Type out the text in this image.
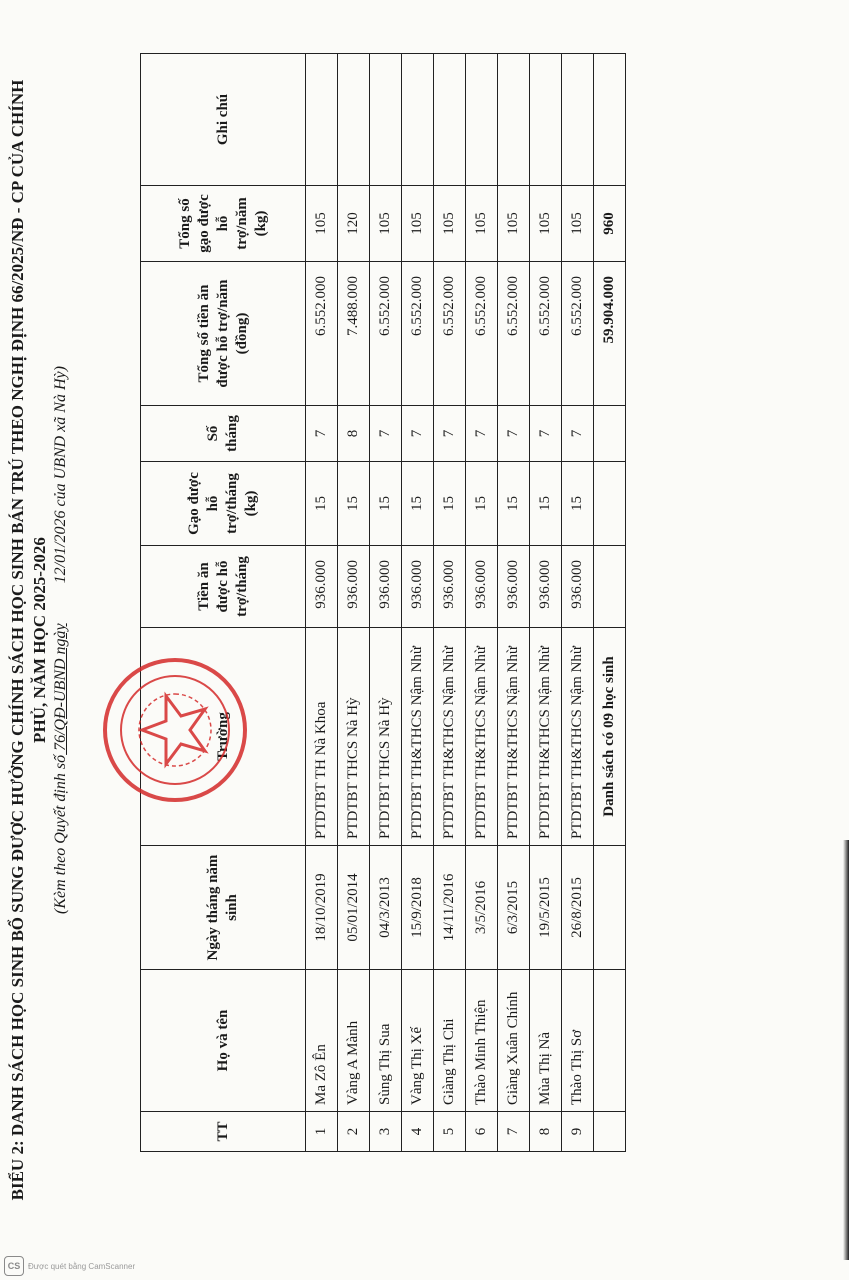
BIỂU 2: DANH SÁCH HỌC SINH BỔ SUNG ĐƯỢC HƯỞNG CHÍNH SÁCH HỌC SINH BÁN TRÚ THEO NGHỊ ĐỊNH 66/2025/NĐ - CP CỦA CHÍNH PHỦ, NĂM HỌC 2025-2026
(Kèm theo Quyết định số 76/QĐ-UBND ngày12/01/2026 của UBND xã Nà Hỳ)
TT	Họ và tên	Ngày tháng năm sinh	Trường	Tiền ăn được hỗ trợ/tháng	Gạo được hỗ trợ/tháng (kg)	Số tháng	Tổng số tiền ăn được hỗ trợ/năm (đồng)	Tổng số gạo được hỗ trợ/năm (kg)	Ghi chú
1	Ma Zô Ên	18/10/2019	PTDTBT TH Nà Khoa	936.000	15	7	6.552.000	105	
2	Vàng A Mành	05/01/2014	PTDTBT THCS Nà Hỳ	936.000	15	8	7.488.000	120	
3	Sùng Thị Sua	04/3/2013	PTDTBT THCS Nà Hỳ	936.000	15	7	6.552.000	105	
4	Vàng Thị Xế	15/9/2018	PTDTBT TH&THCS Nậm Nhừ	936.000	15	7	6.552.000	105	
5	Giàng Thị Chi	14/11/2016	PTDTBT TH&THCS Nậm Nhừ	936.000	15	7	6.552.000	105	
6	Thào Minh Thiện	3/5/2016	PTDTBT TH&THCS Nậm Nhừ	936.000	15	7	6.552.000	105	
7	Giàng Xuân Chính	6/3/2015	PTDTBT TH&THCS Nậm Nhừ	936.000	15	7	6.552.000	105	
8	Mùa Thị Nà	19/5/2015	PTDTBT TH&THCS Nậm Nhừ	936.000	15	7	6.552.000	105	
9	Thào Thị Sơ	26/8/2015	PTDTBT TH&THCS Nậm Nhừ	936.000	15	7	6.552.000	105	
			Danh sách có 09 học sinh				59.904.000	960	
CS Được quét bằng CamScanner
